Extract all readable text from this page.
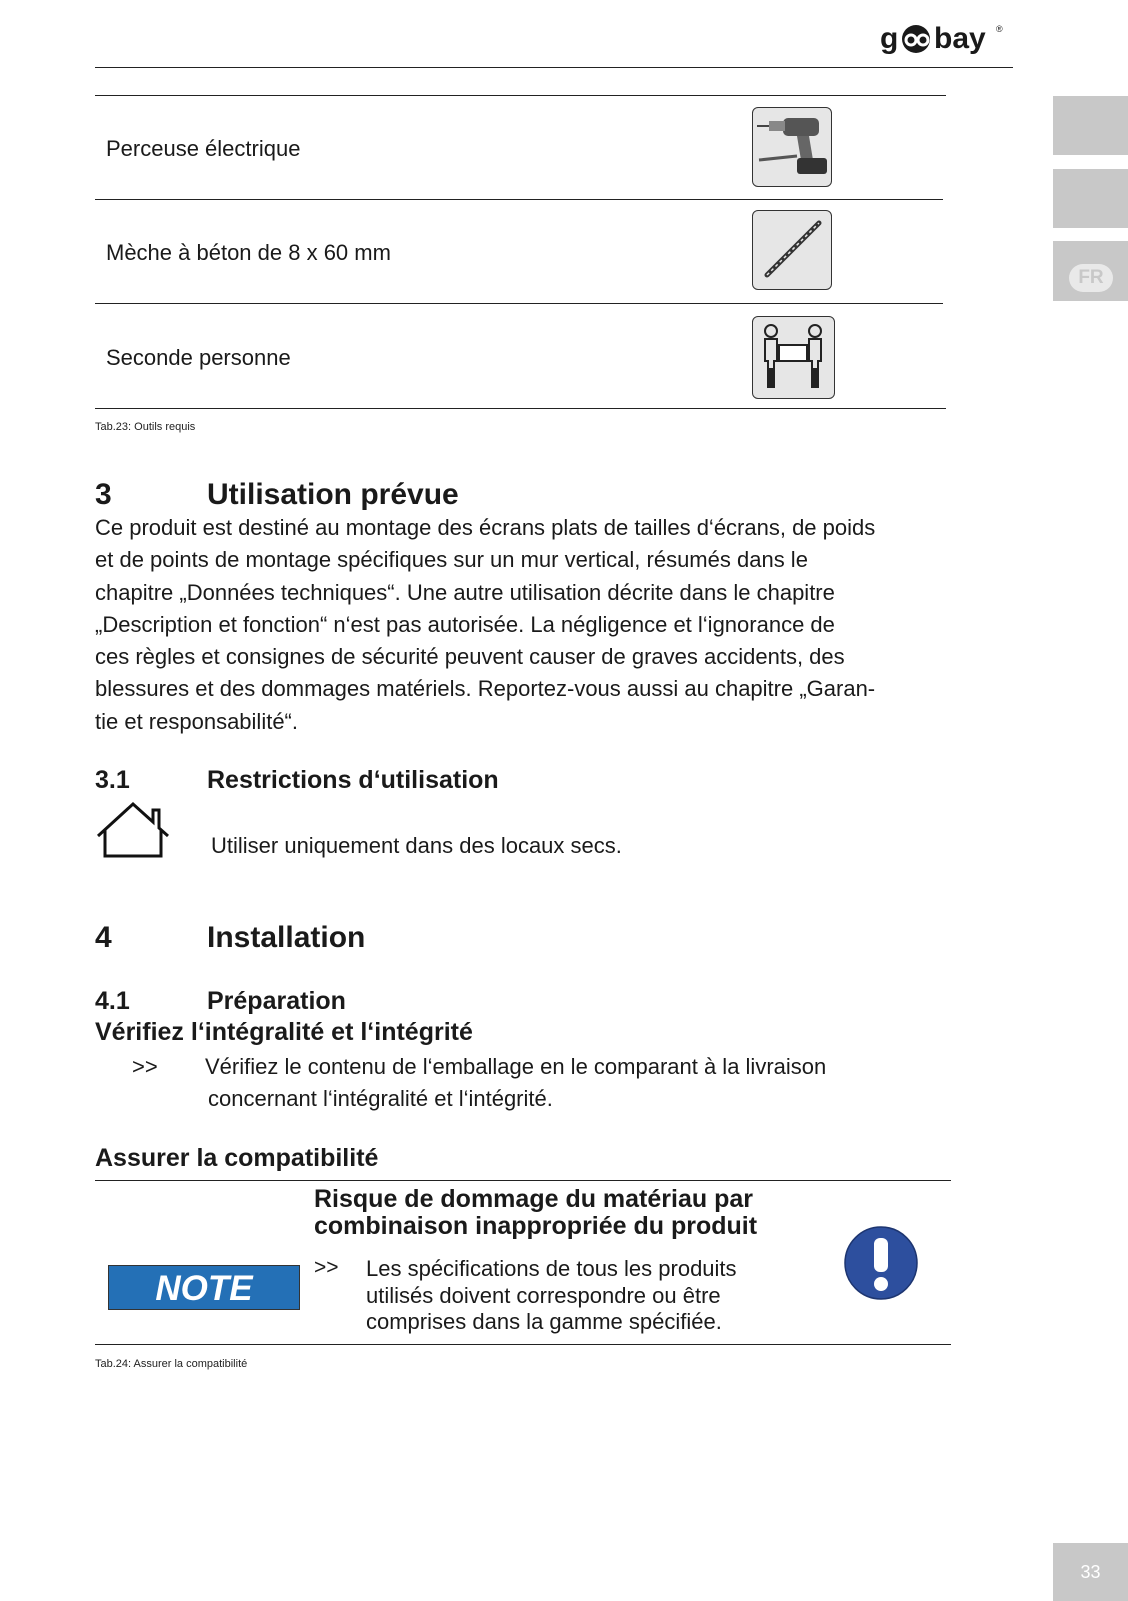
g bay ®
FR
Perceuse électrique
Mèche à béton de 8 x 60 mm
Seconde personne
Tab.23: Outils requis
3	Utilisation prévue
Ce produit est destiné au montage des écrans plats de tailles d‘écrans, de poids
et de points de montage spécifiques sur un mur vertical, résumés dans le
chapitre „Données techniques“. Une autre utilisation décrite dans le chapitre
„Description et fonction“ n‘est pas autorisée. La négligence et l‘ignorance de
ces règles et consignes de sécurité peuvent causer de graves accidents, des
blessures et des dommages matériels. Reportez-vous aussi au chapitre „Garan-
tie et responsabilité“.
3.1	Restrictions d‘utilisation
Utiliser uniquement dans des locaux secs.
4	Installation
4.1	Préparation
Vérifiez l‘intégralité et l‘intégrité
>> Vérifiez le contenu de l‘emballage en le comparant à la livraison
concernant l‘intégralité et l‘intégrité.
Assurer la compatibilité
NOTE
Risque de dommage du matériau par
combinaison inappropriée du produit
>> Les spécifications de tous les produits
utilisés doivent correspondre ou être
comprises dans la gamme spécifiée.
Tab.24: Assurer la compatibilité
33
